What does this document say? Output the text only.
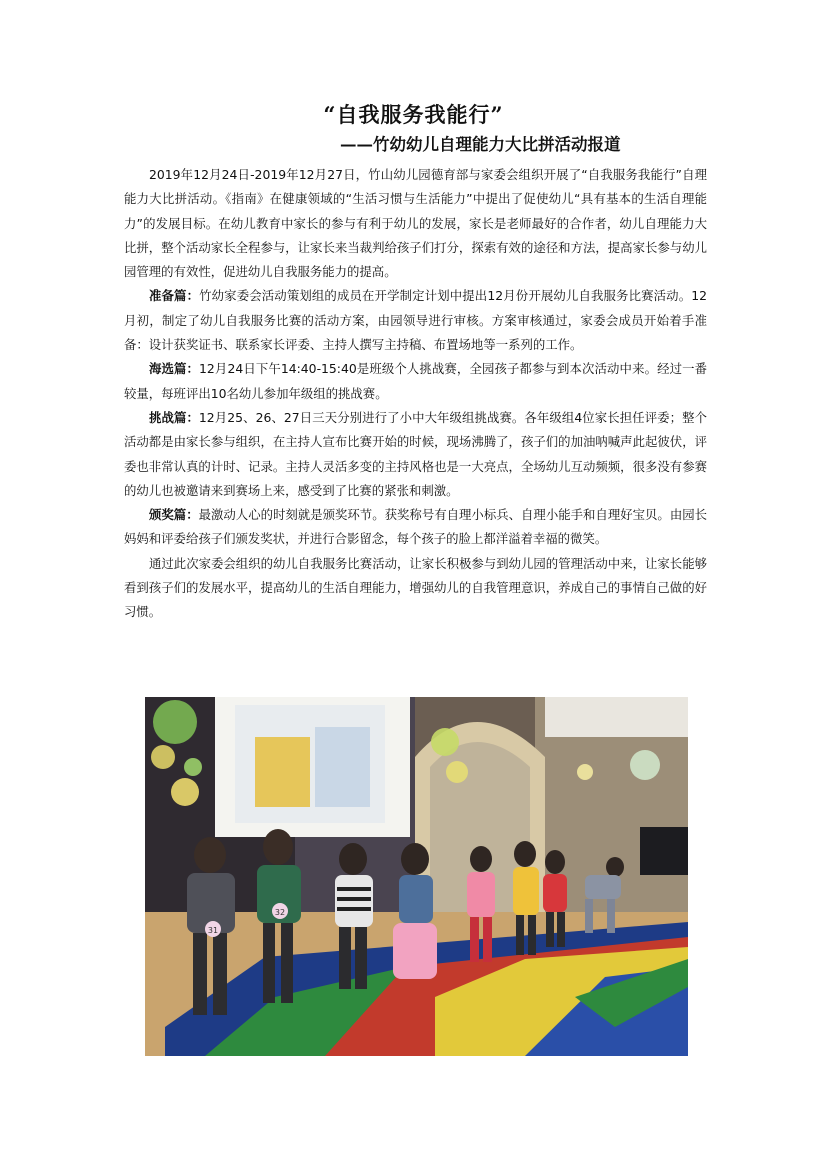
“自我服务我能行”
——竹幼幼儿自理能力大比拼活动报道

2019年12月24日-2019年12月27日，竹山幼儿园德育部与家委会组织开展了“自我服务我能行”自理能力大比拼活动。《指南》在健康领域的“生活习惯与生活能力”中提出了促使幼儿“具有基本的生活自理能力”的发展目标。在幼儿教育中家长的参与有利于幼儿的发展，家长是老师最好的合作者，幼儿自理能力大比拼，整个活动家长全程参与，让家长来当裁判给孩子们打分，探索有效的途径和方法，提高家长参与幼儿园管理的有效性，促进幼儿自我服务能力的提高。

准备篇：竹幼家委会活动策划组的成员在开学制定计划中提出12月份开展幼儿自我服务比赛活动。12月初，制定了幼儿自我服务比赛的活动方案，由园领导进行审核。方案审核通过，家委会成员开始着手准备：设计获奖证书、联系家长评委、主持人撰写主持稿、布置场地等一系列的工作。

海选篇：12月24日下午14:40-15:40是班级个人挑战赛，全园孩子都参与到本次活动中来。经过一番较量，每班评出10名幼儿参加年级组的挑战赛。

挑战篇：12月25、26、27日三天分别进行了小中大年级组挑战赛。各年级组4位家长担任评委；整个活动都是由家长参与组织，在主持人宣布比赛开始的时候，现场沸腾了，孩子们的加油呐喊声此起彼伏，评委也非常认真的计时、记录。主持人灵活多变的主持风格也是一大亮点，全场幼儿互动频频，很多没有参赛的幼儿也被邀请来到赛场上来，感受到了比赛的紧张和刺激。

颁奖篇：最激动人心的时刻就是颁奖环节。获奖称号有自理小标兵、自理小能手和自理好宝贝。由园长妈妈和评委给孩子们颁发奖状，并进行合影留念，每个孩子的脸上都洋溢着幸福的微笑。

通过此次家委会组织的幼儿自我服务比赛活动，让家长积极参与到幼儿园的管理活动中来，让家长能够看到孩子们的发展水平，提高幼儿的生活自理能力，增强幼儿的自我管理意识，养成自己的事情自己做的好习惯。

31
32
